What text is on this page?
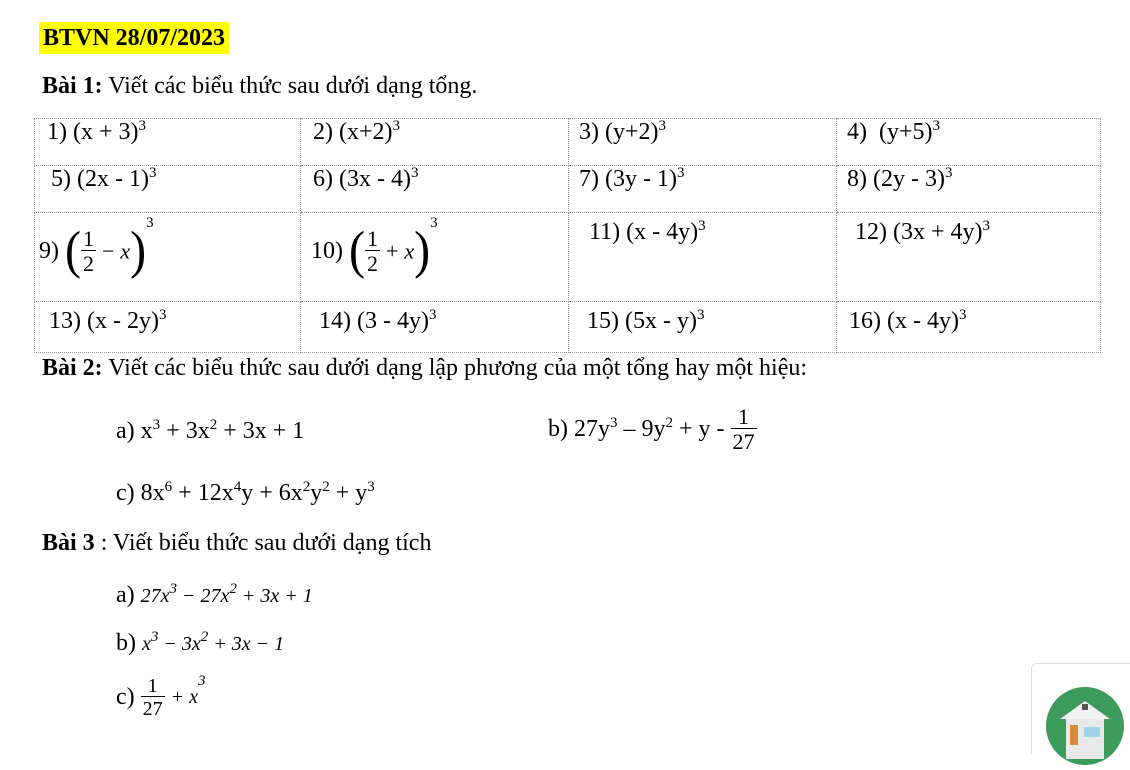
BTVN 28/07/2023
Bài 1: Viết các biểu thức sau dưới dạng tổng.
1) $(x + 3)^3$	2) $(x+2)^3$	3) $(y+2)^3$	4) $(y+5)^3$
5) (2x - 1)$^3$	6) (3x - 4)$^3$	7) (3y - 1)$^3$	8) (2y - 3)$^3$

9) ( $\frac{1}{2} - x)^3$	10) ( $\frac{1}{2} + x)^3$	11) (x - 4y)$^3$	12) $(3x + 4y)^3$

13) (x - 2y)$^3$	14) (3 - 4y)$^3$	15) (5x - y)$^3$	16) (x - 4y)$^3$
Bài 2: Viết các biểu thức sau dưới dạng lập phương của một tổng hay một hiệu:
a) $x^3 + 3x^2 + 3x + 1$	b) $27y^3 - 9y^2 + y - \frac{1}{27}$
c) $8x^6 + 12x^4y + 6x^2y^2 + y^3$
Bài 3 : Viết biểu thức sau dưới dạng tích
a) $27x^3 - 27x^2 + 3x + 1$
b) $x^3 - 3x^2 + 3x - 1$
$c) \frac{1}{27} + x^3$
